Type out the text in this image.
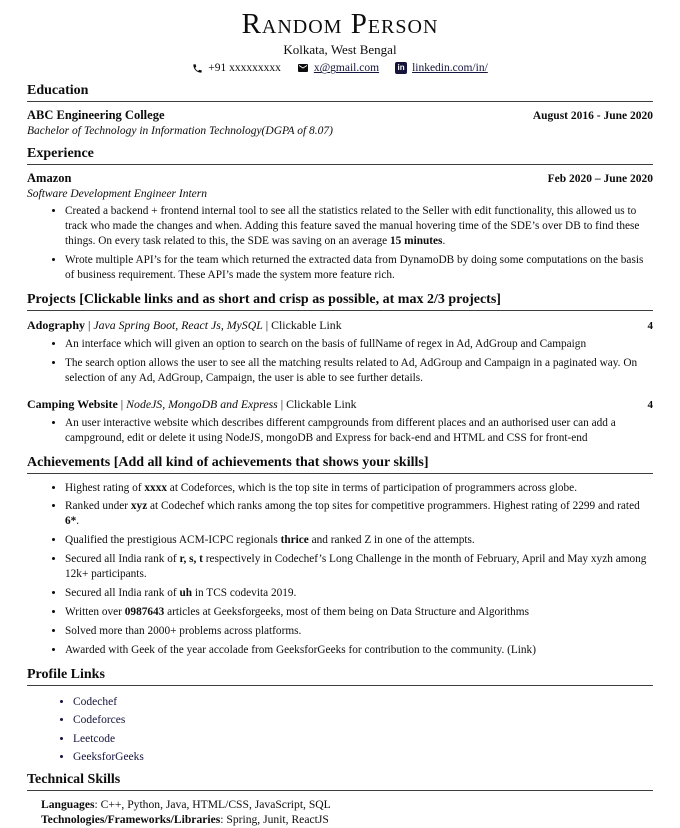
Random Person
Kolkata, West Bengal
+91 xxxxxxxxx	x@gmail.com	in linkedin.com/in/
Education
ABC Engineering College	August 2016 - June 2020
Bachelor of Technology in Information Technology(DGPA of 8.07)
Experience
Amazon	Feb 2020 – June 2020
Software Development Engineer Intern
• Created a backend + frontend internal tool to see all the statistics related to the Seller with edit functionality, this allowed us to track who made the changes and when. Adding this feature saved the manual hovering time of the SDE’s over DB to find these things. On every task related to this, the SDE was saving on an average 15 minutes.
• Wrote multiple API’s for the team which returned the extracted data from DynamoDB by doing some computations on the basis of business requirement. These API’s made the system more feature rich.
Projects [Clickable links and as short and crisp as possible, at max 2/3 projects]
Adography | Java Spring Boot, React Js, MySQL | Clickable Link	4
• An interface which will given an option to search on the basis of fullName of regex in Ad, AdGroup and Campaign
• The search option allows the user to see all the matching results related to Ad, AdGroup and Campaign in a paginated way. On selection of any Ad, AdGroup, Campaign, the user is able to see further details.
Camping Website | NodeJS, MongoDB and Express | Clickable Link	4
• An user interactive website which describes different campgrounds from different places and an authorised user can add a campground, edit or delete it using NodeJS, mongoDB and Express for back-end and HTML and CSS for front-end
Achievements [Add all kind of achievements that shows your skills]
• Highest rating of xxxx at Codeforces, which is the top site in terms of participation of programmers across globe.
• Ranked under xyz at Codechef which ranks among the top sites for competitive programmers. Highest rating of 2299 and rated 6*.
• Qualified the prestigious ACM-ICPC regionals thrice and ranked Z in one of the attempts.
• Secured all India rank of r, s, t respectively in Codechef’s Long Challenge in the month of February, April and May xyzh among 12k+ participants.
• Secured all India rank of uh in TCS codevita 2019.
• Written over 0987643 articles at Geeksforgeeks, most of them being on Data Structure and Algorithms
• Solved more than 2000+ problems across platforms.
• Awarded with Geek of the year accolade from GeeksforGeeks for contribution to the community. (Link)
Profile Links
• Codechef
• Codeforces
• Leetcode
• GeeksforGeeks
Technical Skills
Languages: C++, Python, Java, HTML/CSS, JavaScript, SQL
Technologies/Frameworks/Libraries: Spring, Junit, ReactJS
